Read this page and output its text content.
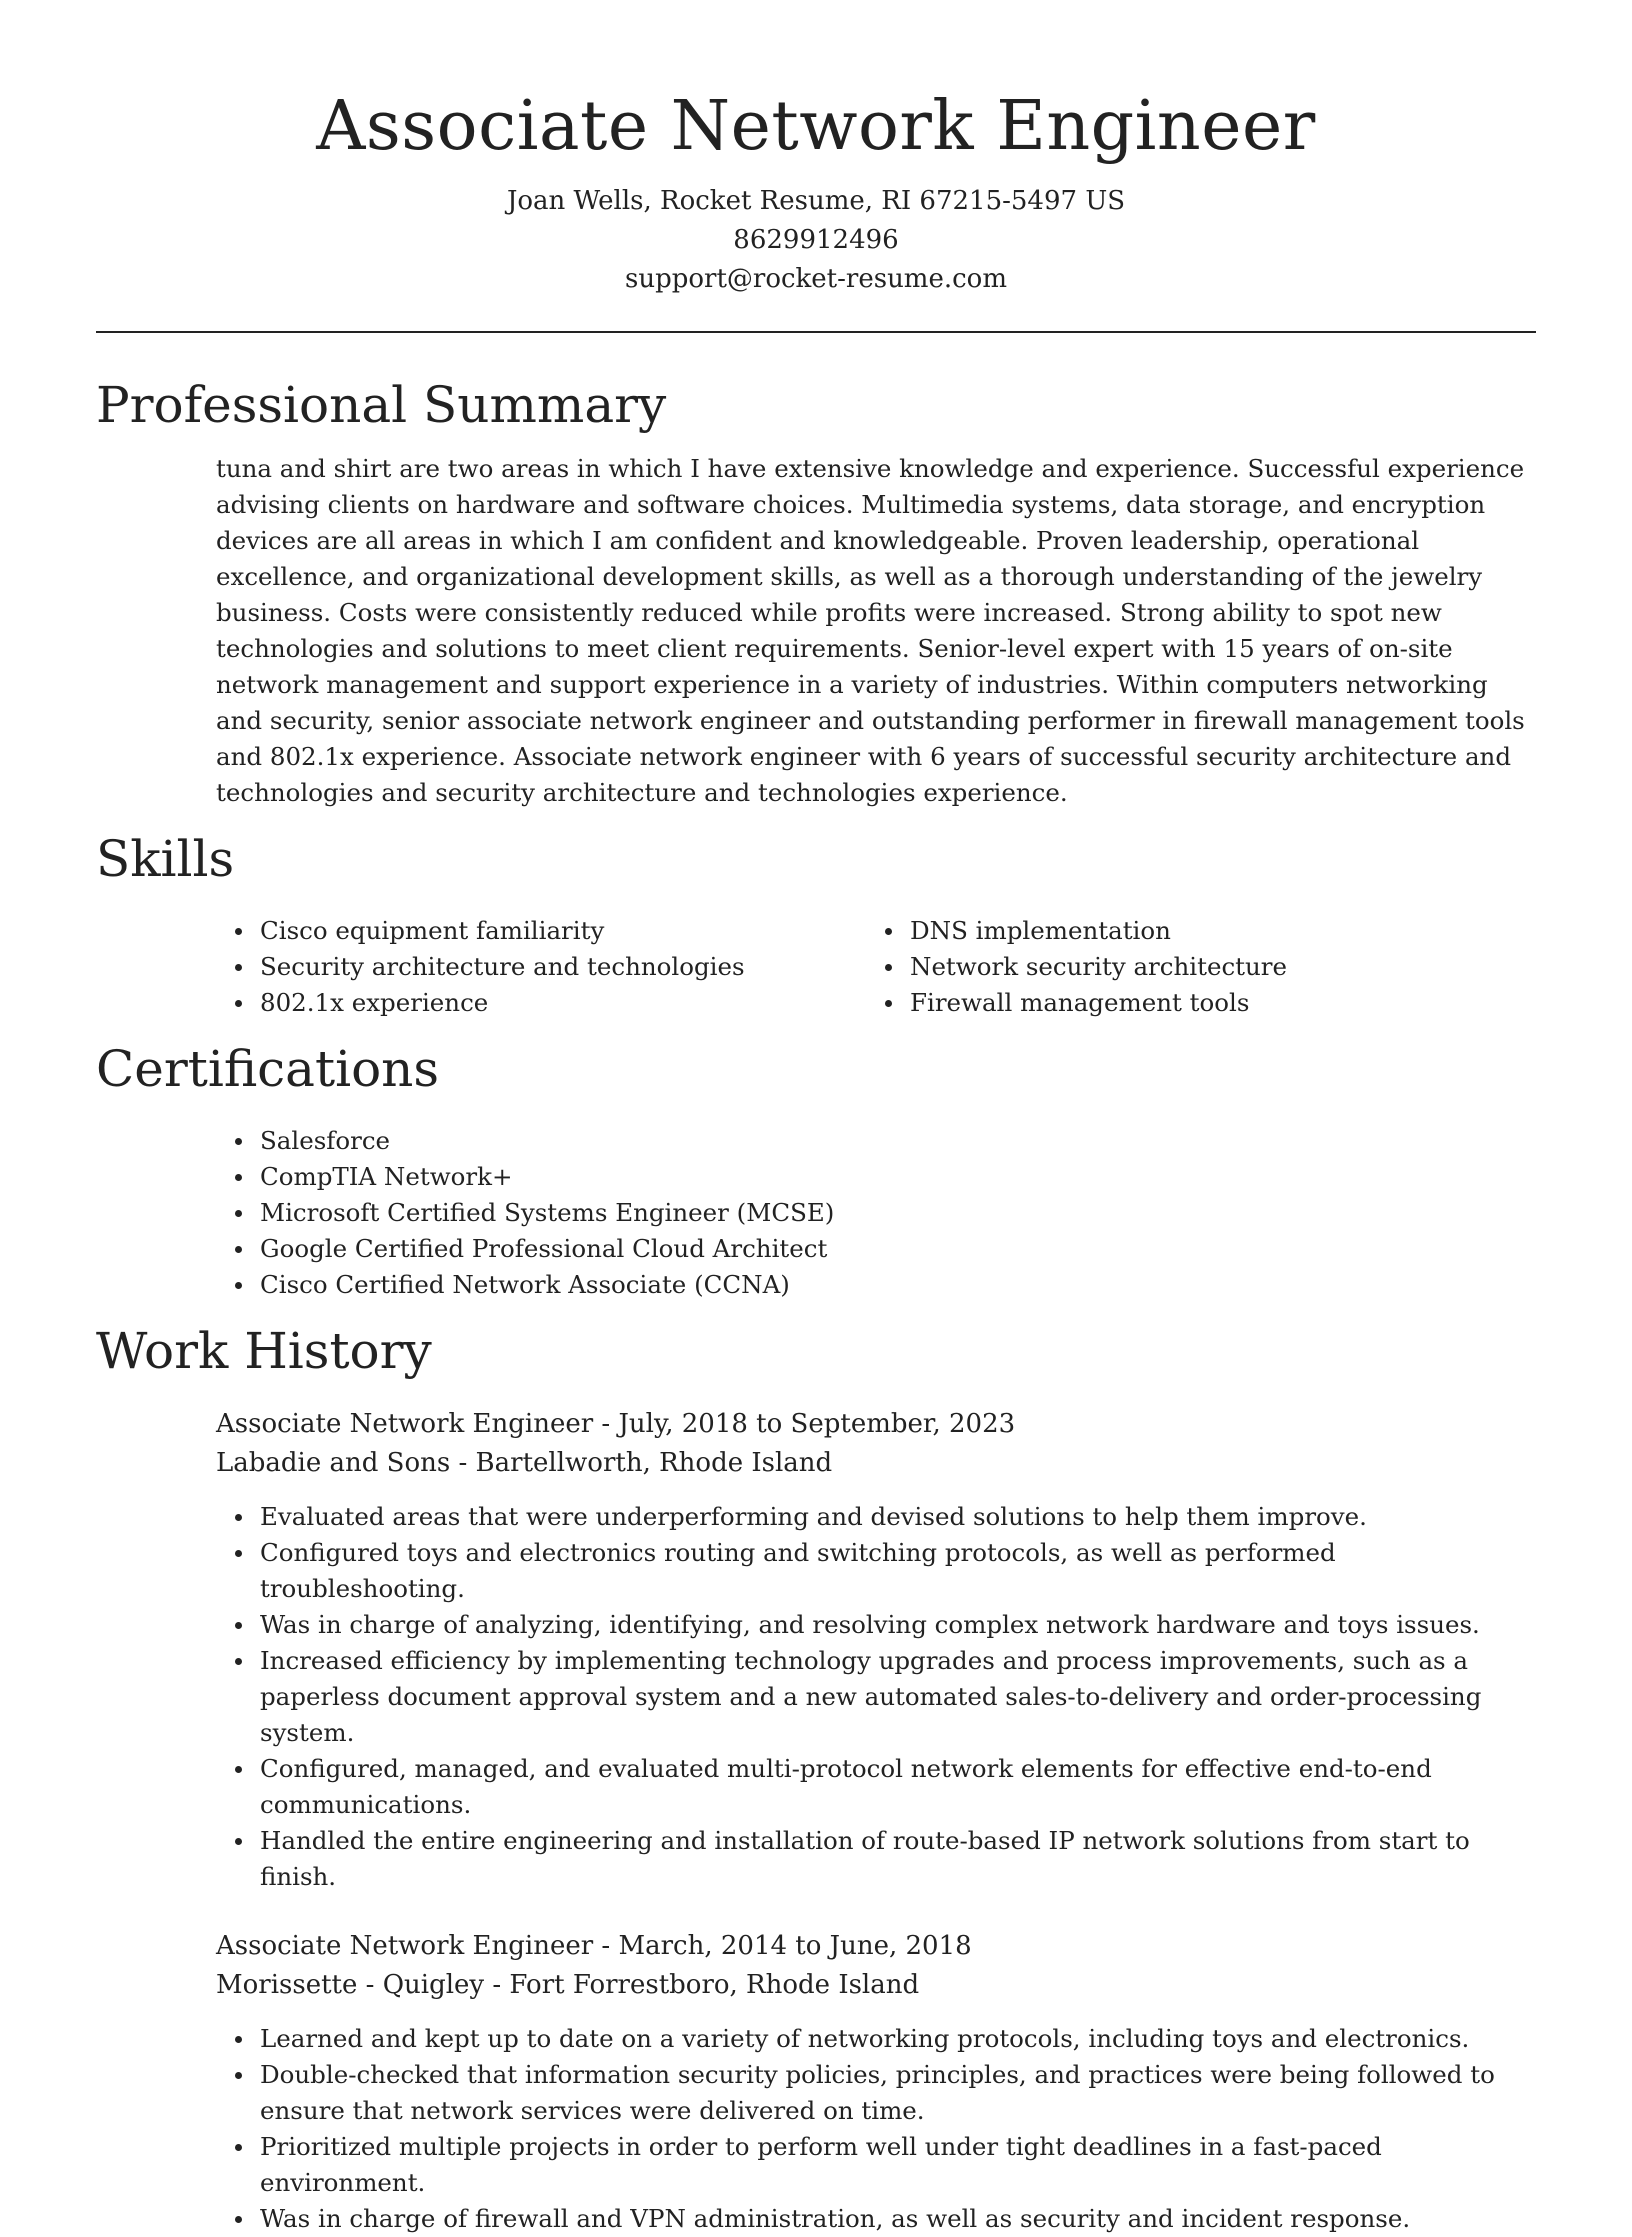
Associate Network Engineer
Joan Wells, Rocket Resume, RI 67215-5497 US
8629912496
support@rocket-resume.com
Professional Summary
tuna and shirt are two areas in which I have extensive knowledge and experience. Successful experience advising clients on hardware and software choices. Multimedia systems, data storage, and encryption devices are all areas in which I am confident and knowledgeable. Proven leadership, operational excellence, and organizational development skills, as well as a thorough understanding of the jewelry business. Costs were consistently reduced while profits were increased. Strong ability to spot new technologies and solutions to meet client requirements. Senior-level expert with 15 years of on-site network management and support experience in a variety of industries. Within computers networking and security, senior associate network engineer and outstanding performer in firewall management tools and 802.1x experience. Associate network engineer with 6 years of successful security architecture and technologies and security architecture and technologies experience.
Skills
Cisco equipment familiarity
Security architecture and technologies
802.1x experience
DNS implementation
Network security architecture
Firewall management tools
Certifications
Salesforce
CompTIA Network+
Microsoft Certified Systems Engineer (MCSE)
Google Certified Professional Cloud Architect
Cisco Certified Network Associate (CCNA)
Work History
Associate Network Engineer - July, 2018 to September, 2023
Labadie and Sons - Bartellworth, Rhode Island
Evaluated areas that were underperforming and devised solutions to help them improve.
Configured toys and electronics routing and switching protocols, as well as performed troubleshooting.
Was in charge of analyzing, identifying, and resolving complex network hardware and toys issues.
Increased efficiency by implementing technology upgrades and process improvements, such as a paperless document approval system and a new automated sales-to-delivery and order-processing system.
Configured, managed, and evaluated multi-protocol network elements for effective end-to-end communications.
Handled the entire engineering and installation of route-based IP network solutions from start to finish.
Associate Network Engineer - March, 2014 to June, 2018
Morissette - Quigley - Fort Forrestboro, Rhode Island
Learned and kept up to date on a variety of networking protocols, including toys and electronics.
Double-checked that information security policies, principles, and practices were being followed to ensure that network services were delivered on time.
Prioritized multiple projects in order to perform well under tight deadlines in a fast-paced environment.
Was in charge of firewall and VPN administration, as well as security and incident response.
